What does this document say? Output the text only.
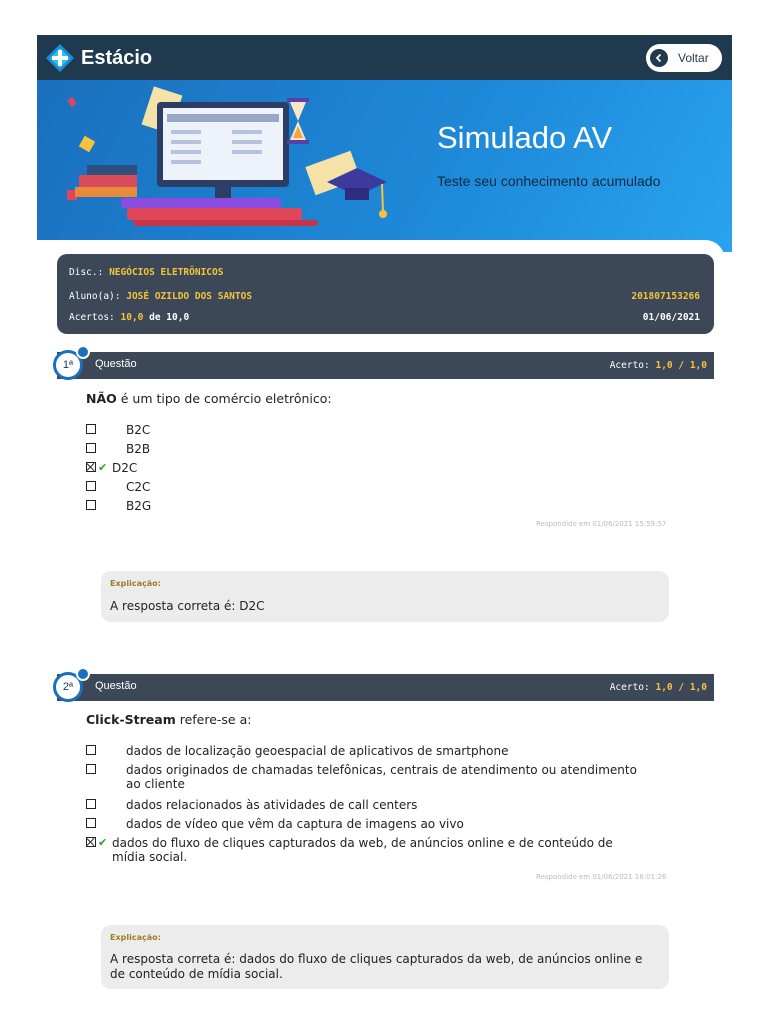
Estácio	Voltar
Simulado AV
Teste seu conhecimento acumulado
Disc.: NEGÓCIOS ELETRÔNICOS
Aluno(a): JOSÉ OZILDO DOS SANTOS	201807153266
Acertos: 10,0 de 10,0	01/06/2021
Questão	Acerto: 1,0 / 1,0
1ª
NÃO é um tipo de comércio eletrônico:
B2C
B2B
✔ D2C
C2C
B2G
Respondido em 01/06/2021 15:59:57
Explicação:
A resposta correta é: D2C
Questão	Acerto: 1,0 / 1,0
2ª
Click-Stream refere-se a:
dados de localização geoespacial de aplicativos de smartphone
dados originados de chamadas telefônicas, centrais de atendimento ou atendimento ao cliente
dados relacionados às atividades de call centers
dados de vídeo que vêm da captura de imagens ao vivo
✔ dados do fluxo de cliques capturados da web, de anúncios online e de conteúdo de mídia social.
Respondido em 01/06/2021 16:01:26
Explicação:
A resposta correta é: dados do fluxo de cliques capturados da web, de anúncios online e de conteúdo de mídia social.
